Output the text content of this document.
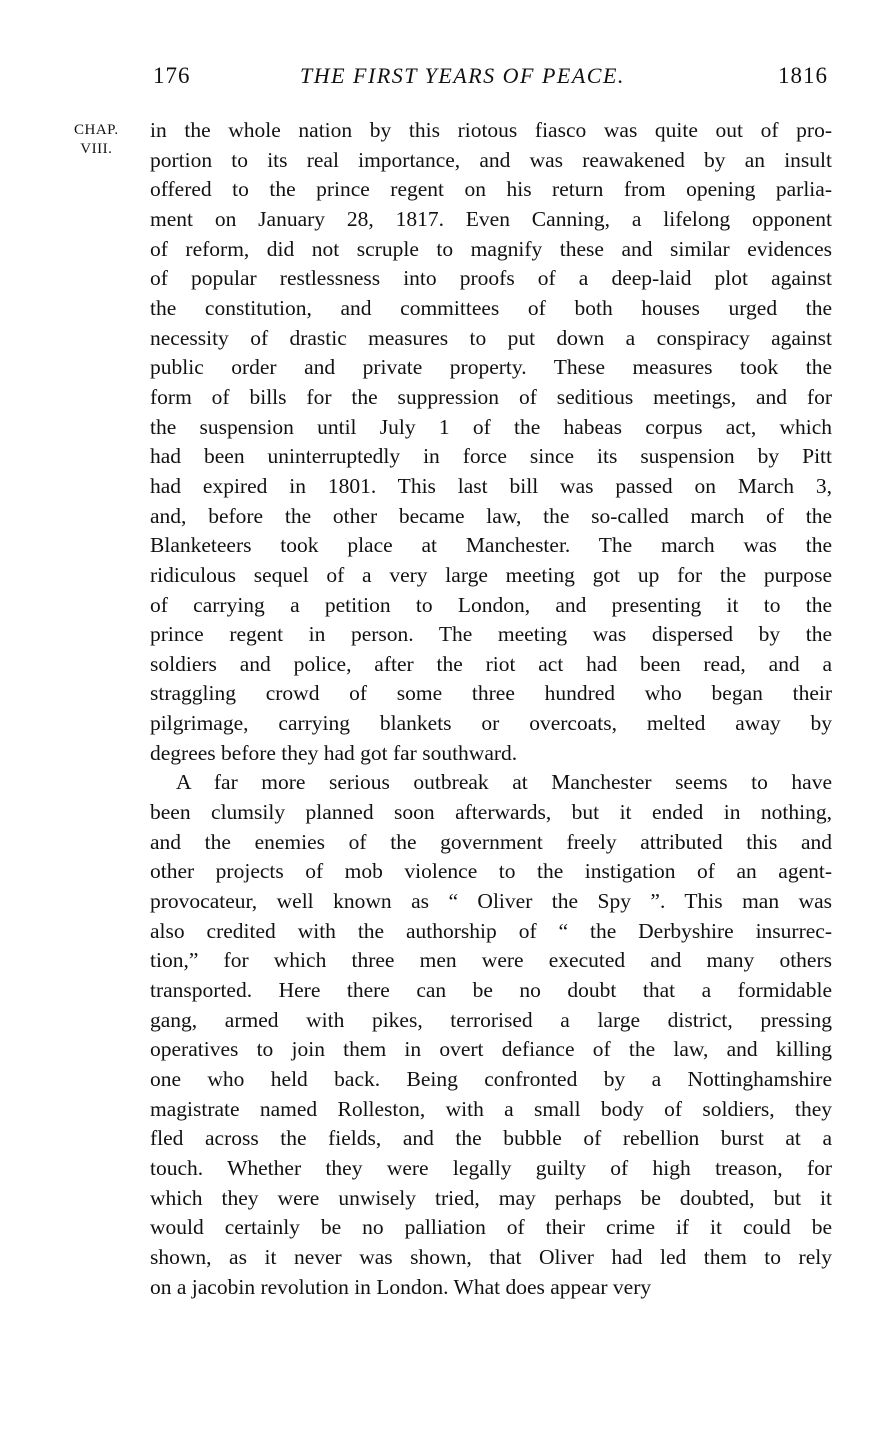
176	THE FIRST YEARS OF PEACE.	1816
CHAP.
VIII.
in the whole nation by this riotous fiasco was quite out of pro-
portion to its real importance, and was reawakened by an insult
offered to the prince regent on his return from opening parlia-
ment on January 28, 1817. Even Canning, a lifelong opponent
of reform, did not scruple to magnify these and similar evidences
of popular restlessness into proofs of a deep-laid plot against
the constitution, and committees of both houses urged the
necessity of drastic measures to put down a conspiracy against
public order and private property. These measures took the
form of bills for the suppression of seditious meetings, and for
the suspension until July 1 of the habeas corpus act, which
had been uninterruptedly in force since its suspension by Pitt
had expired in 1801. This last bill was passed on March 3,
and, before the other became law, the so-called march of the
Blanketeers took place at Manchester. The march was the
ridiculous sequel of a very large meeting got up for the purpose
of carrying a petition to London, and presenting it to the
prince regent in person. The meeting was dispersed by the
soldiers and police, after the riot act had been read, and a
straggling crowd of some three hundred who began their
pilgrimage, carrying blankets or overcoats, melted away by
degrees before they had got far southward.
A far more serious outbreak at Manchester seems to have
been clumsily planned soon afterwards, but it ended in nothing,
and the enemies of the government freely attributed this and
other projects of mob violence to the instigation of an agent-
provocateur, well known as “ Oliver the Spy ”. This man was
also credited with the authorship of “ the Derbyshire insurrec-
tion,” for which three men were executed and many others
transported. Here there can be no doubt that a formidable
gang, armed with pikes, terrorised a large district, pressing
operatives to join them in overt defiance of the law, and killing
one who held back. Being confronted by a Nottinghamshire
magistrate named Rolleston, with a small body of soldiers, they
fled across the fields, and the bubble of rebellion burst at a
touch. Whether they were legally guilty of high treason, for
which they were unwisely tried, may perhaps be doubted, but it
would certainly be no palliation of their crime if it could be
shown, as it never was shown, that Oliver had led them to rely
on a jacobin revolution in London. What does appear very
